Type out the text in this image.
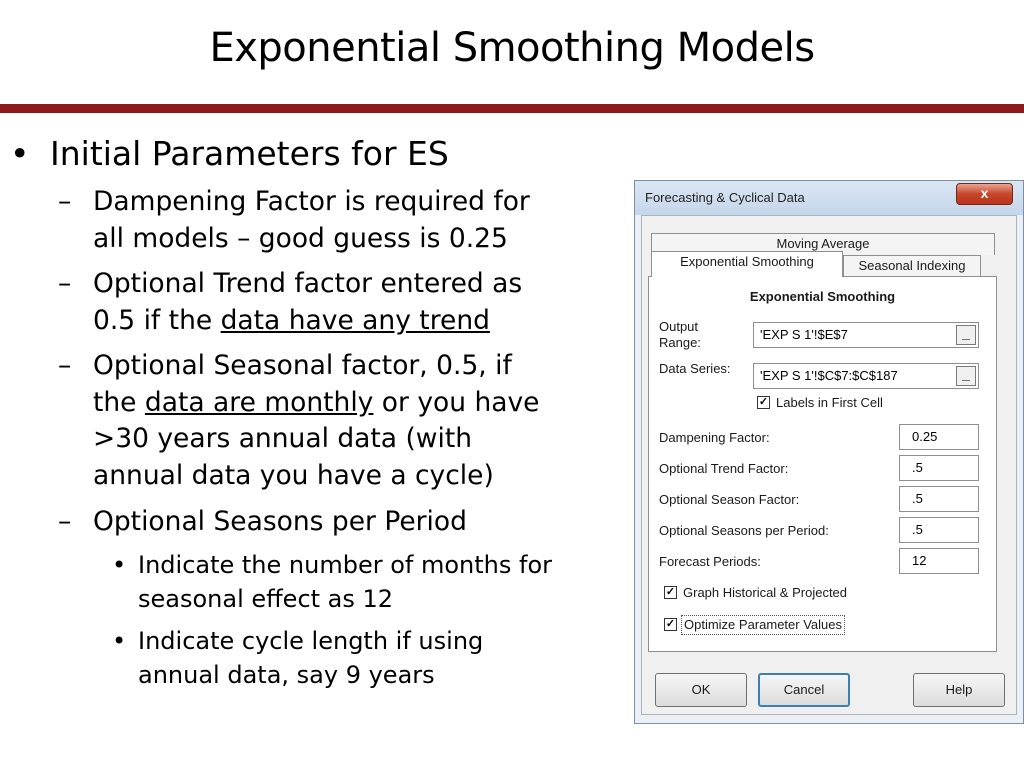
Exponential Smoothing Models
• Initial Parameters for ES
– Dampening Factor is required for
all models – good guess is 0.25
– Optional Trend factor entered as
0.5 if the data have any trend
– Optional Seasonal factor, 0.5, if
the data are monthly or you have
>30 years annual data (with
annual data you have a cycle)
– Optional Seasons per Period
• Indicate the number of months for
seasonal effect as 12
• Indicate cycle length if using
annual data, say 9 years
Forecasting & Cyclical Data	x
Moving Average
Seasonal Indexing
Exponential Smoothing
Output
Range:
'EXP S 1'!$E$7	_
Data Series:	'EXP S 1'!$C$7:$C$187	_
✓ Labels in First Cell
Dampening Factor:	0.25
Optional Trend Factor:	.5
Optional Season Factor:	.5
Optional Seasons per Period:	.5
Forecast Periods:	12
✓ Graph Historical & Projected
✓ Optimize Parameter Values
Exponential Smoothing
OK	Cancel	Help
